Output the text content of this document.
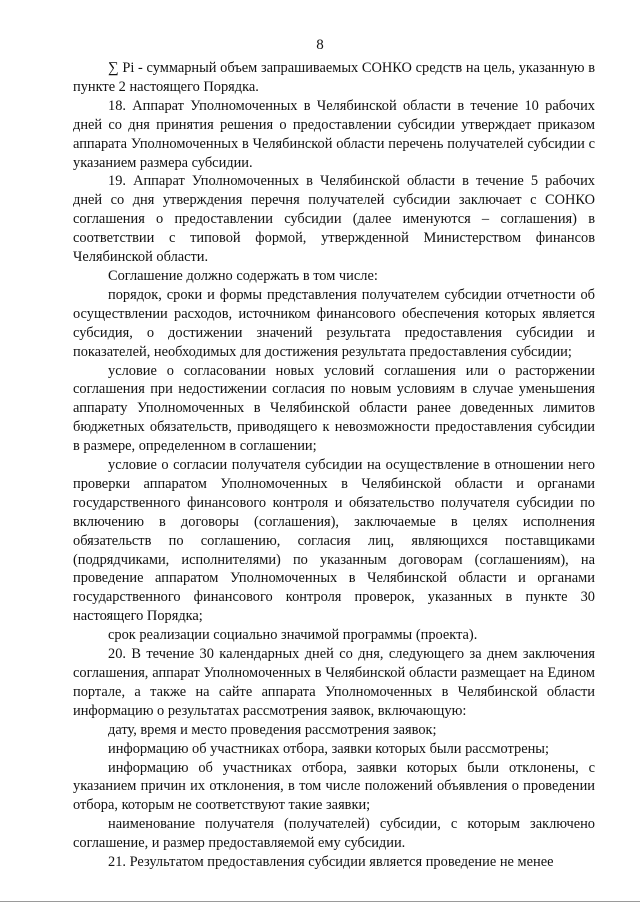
8

∑ Pi - суммарный объем запрашиваемых СОНКО средств на цель, указанную в пункте 2 настоящего Порядка.

18. Аппарат Уполномоченных в Челябинской области в течение 10 рабочих дней со дня принятия решения о предоставлении субсидии утверждает приказом аппарата Уполномоченных в Челябинской области перечень получателей субсидии с указанием размера субсидии.

19. Аппарат Уполномоченных в Челябинской области в течение 5 рабочих дней со дня утверждения перечня получателей субсидии заключает с СОНКО соглашения о предоставлении субсидии (далее именуются – соглашения) в соответствии с типовой формой, утвержденной Министерством финансов Челябинской области.

Соглашение должно содержать в том числе:

порядок, сроки и формы представления получателем субсидии отчетности об осуществлении расходов, источником финансового обеспечения которых является субсидия, о достижении значений результата предоставления субсидии и показателей, необходимых для достижения результата предоставления субсидии;

условие о согласовании новых условий соглашения или о расторжении соглашения при недостижении согласия по новым условиям в случае уменьшения аппарату Уполномоченных в Челябинской области ранее доведенных лимитов бюджетных обязательств, приводящего к невозможности предоставления субсидии в размере, определенном в соглашении;

условие о согласии получателя субсидии на осуществление в отношении него проверки аппаратом Уполномоченных в Челябинской области и органами государственного финансового контроля и обязательство получателя субсидии по включению в договоры (соглашения), заключаемые в целях исполнения обязательств по соглашению, согласия лиц, являющихся поставщиками (подрядчиками, исполнителями) по указанным договорам (соглашениям), на проведение аппаратом Уполномоченных в Челябинской области и органами государственного финансового контроля проверок, указанных в пункте 30 настоящего Порядка;

срок реализации социально значимой программы (проекта).

20. В течение 30 календарных дней со дня, следующего за днем заключения соглашения, аппарат Уполномоченных в Челябинской области размещает на Едином портале, а также на сайте аппарата Уполномоченных в Челябинской области информацию о результатах рассмотрения заявок, включающую:

дату, время и место проведения рассмотрения заявок;

информацию об участниках отбора, заявки которых были рассмотрены;

информацию об участниках отбора, заявки которых были отклонены, с указанием причин их отклонения, в том числе положений объявления о проведении отбора, которым не соответствуют такие заявки;

наименование получателя (получателей) субсидии, с которым заключено соглашение, и размер предоставляемой ему субсидии.

21. Результатом предоставления субсидии является проведение не менее
